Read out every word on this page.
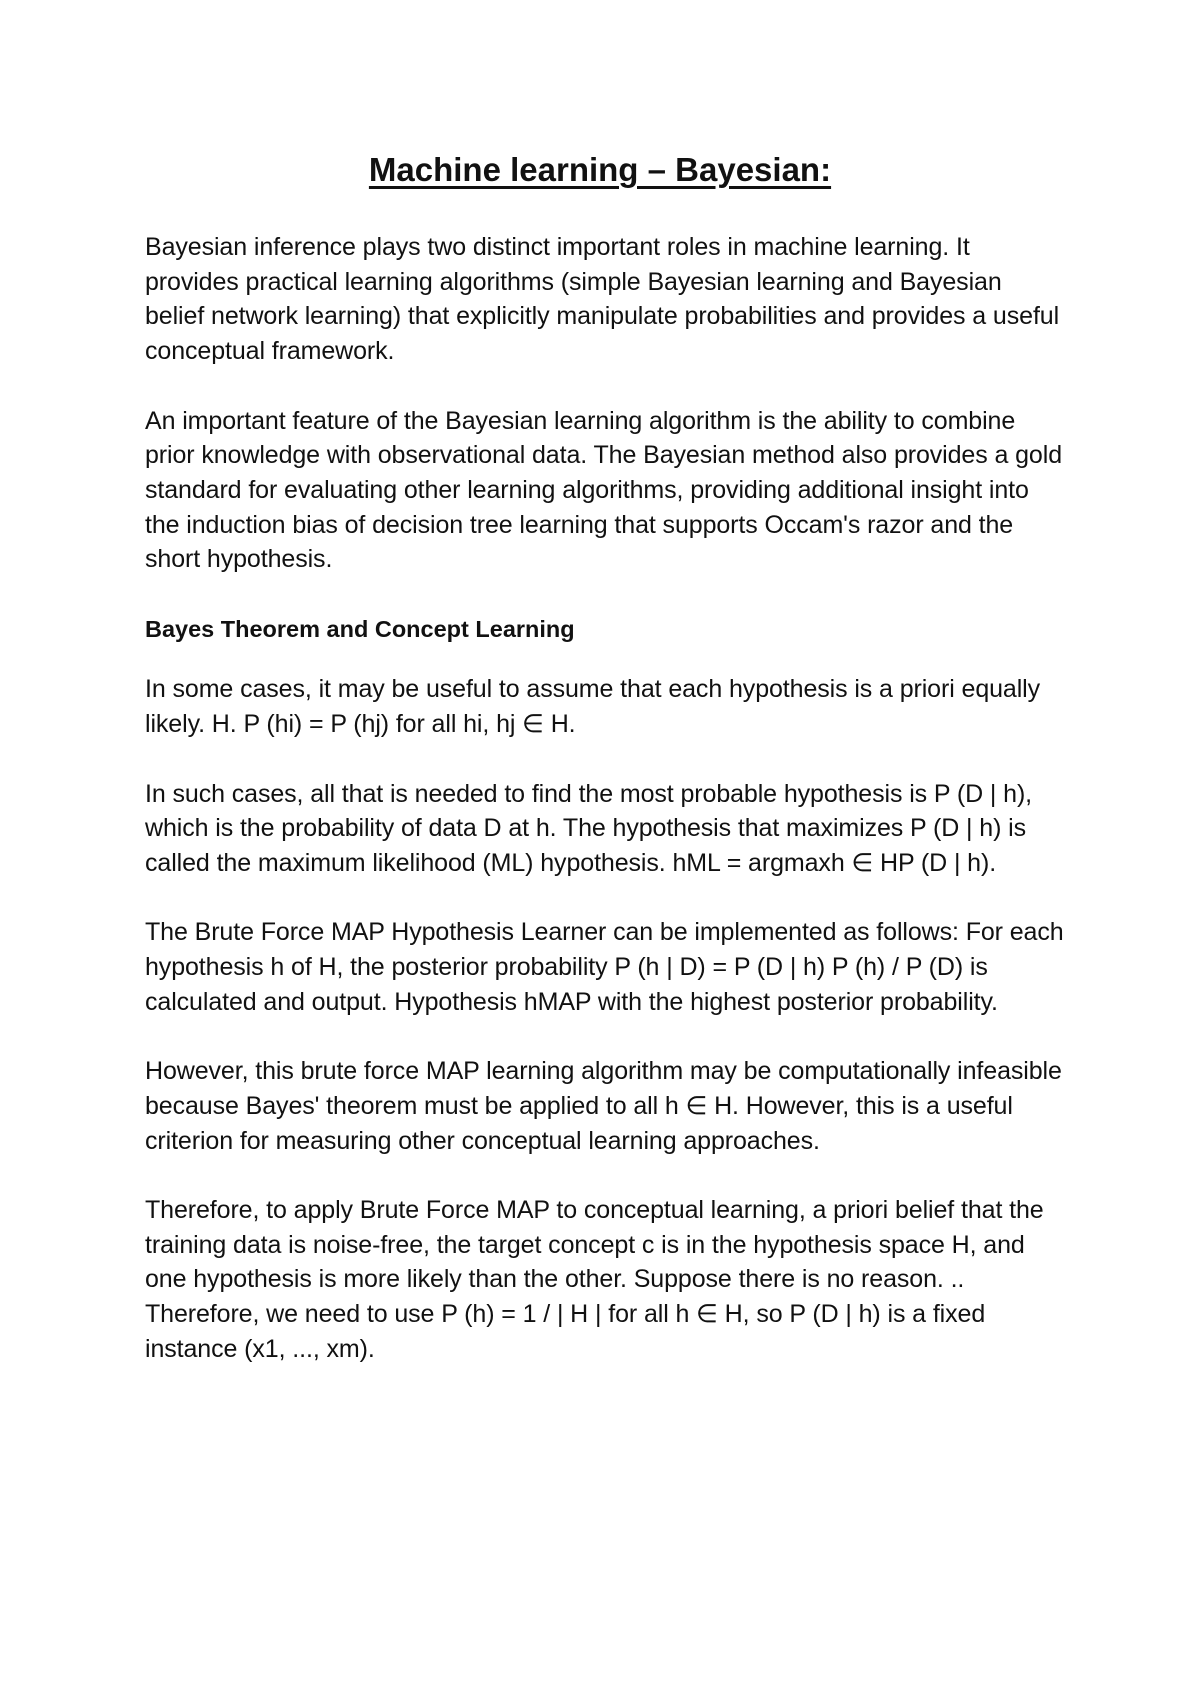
Machine learning – Bayesian:

Bayesian inference plays two distinct important roles in machine learning. It provides practical learning algorithms (simple Bayesian learning and Bayesian belief network learning) that explicitly manipulate probabilities and provides a useful conceptual framework.

An important feature of the Bayesian learning algorithm is the ability to combine prior knowledge with observational data. The Bayesian method also provides a gold standard for evaluating other learning algorithms, providing additional insight into the induction bias of decision tree learning that supports Occam's razor and the short hypothesis.

Bayes Theorem and Concept Learning

In some cases, it may be useful to assume that each hypothesis is a priori equally likely. H. P (hi) = P (hj) for all hi, hj ∈ H.

In such cases, all that is needed to find the most probable hypothesis is P (D | h), which is the probability of data D at h. The hypothesis that maximizes P (D | h) is called the maximum likelihood (ML) hypothesis. hML = argmaxh ∈ HP (D | h).

The Brute Force MAP Hypothesis Learner can be implemented as follows: For each hypothesis h of H, the posterior probability P (h | D) = P (D | h) P (h) / P (D) is calculated and output. Hypothesis hMAP with the highest posterior probability.

However, this brute force MAP learning algorithm may be computationally infeasible because Bayes' theorem must be applied to all h ∈ H. However, this is a useful criterion for measuring other conceptual learning approaches.

Therefore, to apply Brute Force MAP to conceptual learning, a priori belief that the training data is noise-free, the target concept c is in the hypothesis space H, and one hypothesis is more likely than the other. Suppose there is no reason. .. Therefore, we need to use P (h) = 1 / | H | for all h ∈ H, so P (D | h) is a fixed instance (x1, ..., xm).
